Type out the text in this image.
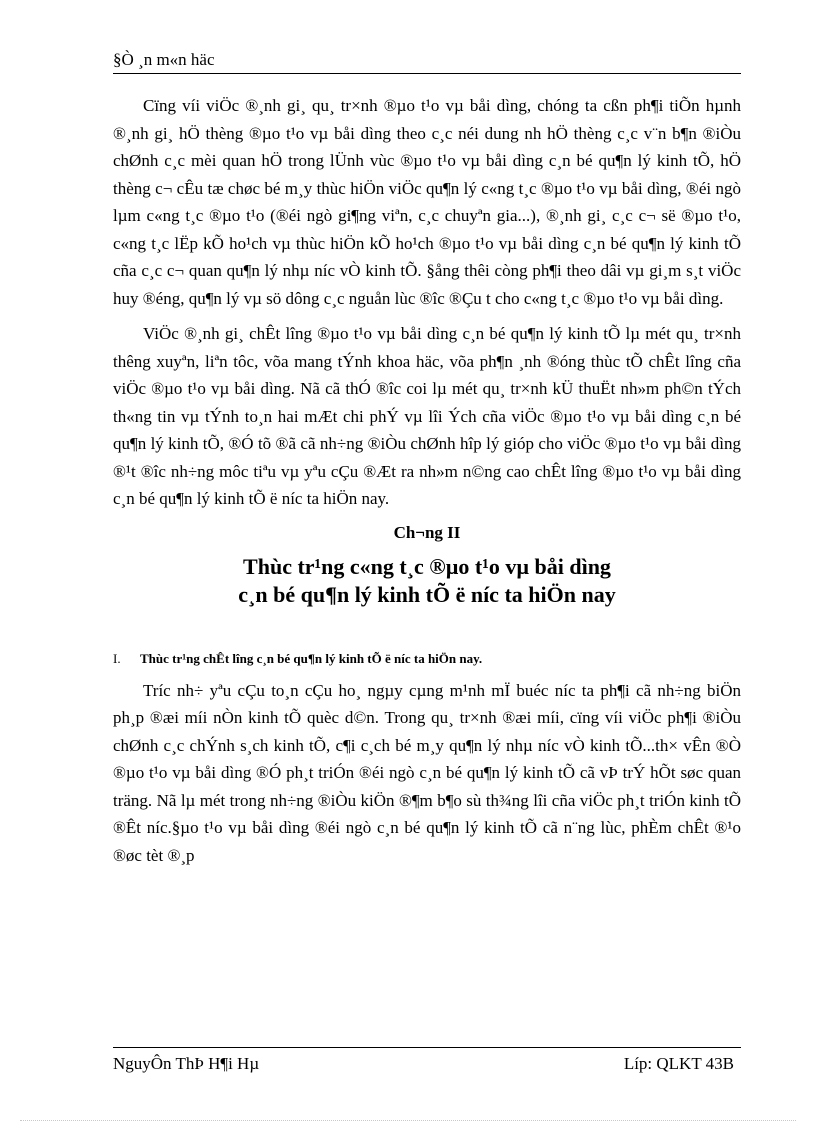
§Ò ¸n m«n häc

Cïng víi viÖc ®¸nh gi¸ qu¸ tr×nh ®µo t¹o vµ båi dìng, chóng ta cßn ph¶i tiÕn hµnh ®¸nh gi¸ hÖ thèng ®µo t¹o vµ båi dìng theo c¸c néi dung nh hÖ thèng c¸c v¨n b¶n ®iÒu chØnh c¸c mèi quan hÖ trong lÜnh vùc ®µo t¹o vµ båi dìng c¸n bé qu¶n lý kinh tÕ, hÖ thèng c¬ cÊu tæ chøc bé m¸y thùc hiÖn viÖc qu¶n lý c«ng t¸c ®µo t¹o vµ båi dìng, ®éi ngò lµm c«ng t¸c ®µo t¹o (®éi ngò gi¶ng viªn, c¸c chuyªn gia...), ®¸nh gi¸ c¸c c¬ së ®µo t¹o, c«ng t¸c lËp kÕ ho¹ch vµ thùc hiÖn kÕ ho¹ch ®µo t¹o vµ båi dìng c¸n bé qu¶n lý kinh tÕ cña c¸c c¬ quan qu¶n lý nhµ níc vÒ kinh tÕ. §ång thêi còng ph¶i theo dâi vµ gi¸m s¸t viÖc huy ®éng, qu¶n lý vµ sö dông c¸c nguån lùc ®îc ®Çu t cho c«ng t¸c ®µo t¹o vµ båi dìng.

ViÖc ®¸nh gi¸ chÊt lîng ®µo t¹o vµ båi dìng c¸n bé qu¶n lý kinh tÕ lµ mét qu¸ tr×nh thêng xuyªn, liªn tôc, võa mang tÝnh khoa häc, võa ph¶n ¸nh ®óng thùc tÕ chÊt lîng cña viÖc ®µo t¹o vµ båi dìng. Nã cã thÓ ®îc coi lµ mét qu¸ tr×nh kÜ thuËt nh»m ph©n tÝch th«ng tin vµ tÝnh to¸n hai mÆt chi phÝ vµ lîi Ých cña viÖc ®µo t¹o vµ båi dìng c¸n bé qu¶n lý kinh tÕ, ®Ó tõ ®ã cã nh÷ng ®iÒu chØnh hîp lý gióp cho viÖc ®µo t¹o vµ båi dìng ®¹t ®îc nh÷ng môc tiªu vµ yªu cÇu ®Æt ra nh»m n©ng cao chÊt lîng ®µo t¹o vµ båi dìng c¸n bé qu¶n lý kinh tÕ ë níc ta hiÖn nay.

Ch¬ng II
Thùc tr¹ng c«ng t¸c ®µo t¹o vµ båi dìng
c¸n bé qu¶n lý kinh tÕ ë níc ta hiÖn nay
I. Thùc tr¹ng chÊt lîng c¸n bé qu¶n lý kinh tÕ ë níc ta hiÖn nay.

Tríc nh÷ yªu cÇu to¸n cÇu ho¸ ngµy cµng m¹nh mÏ buéc níc ta ph¶i cã nh÷ng biÖn ph¸p ®æi míi nÒn kinh tÕ quèc d©n. Trong qu¸ tr×nh ®æi míi, cïng víi viÖc ph¶i ®iÒu chØnh c¸c chÝnh s¸ch kinh tÕ, c¶i c¸ch bé m¸y qu¶n lý nhµ níc vÒ kinh tÕ...th× vÊn ®Ò ®µo t¹o vµ båi dìng ®Ó ph¸t triÓn ®éi ngò c¸n bé qu¶n lý kinh tÕ cã vÞ trÝ hÕt søc quan träng. Nã lµ mét trong nh÷ng ®iÒu kiÖn ®¶m b¶o sù th¾ng lîi cña viÖc ph¸t triÓn kinh tÕ ®Êt níc.§µo t¹o vµ båi dìng ®éi ngò c¸n bé qu¶n lý kinh tÕ cã n¨ng lùc, phÈm chÊt ®¹o ®øc tèt ®¸p

NguyÔn ThÞ H¶i Hµ	Líp: QLKT 43B
